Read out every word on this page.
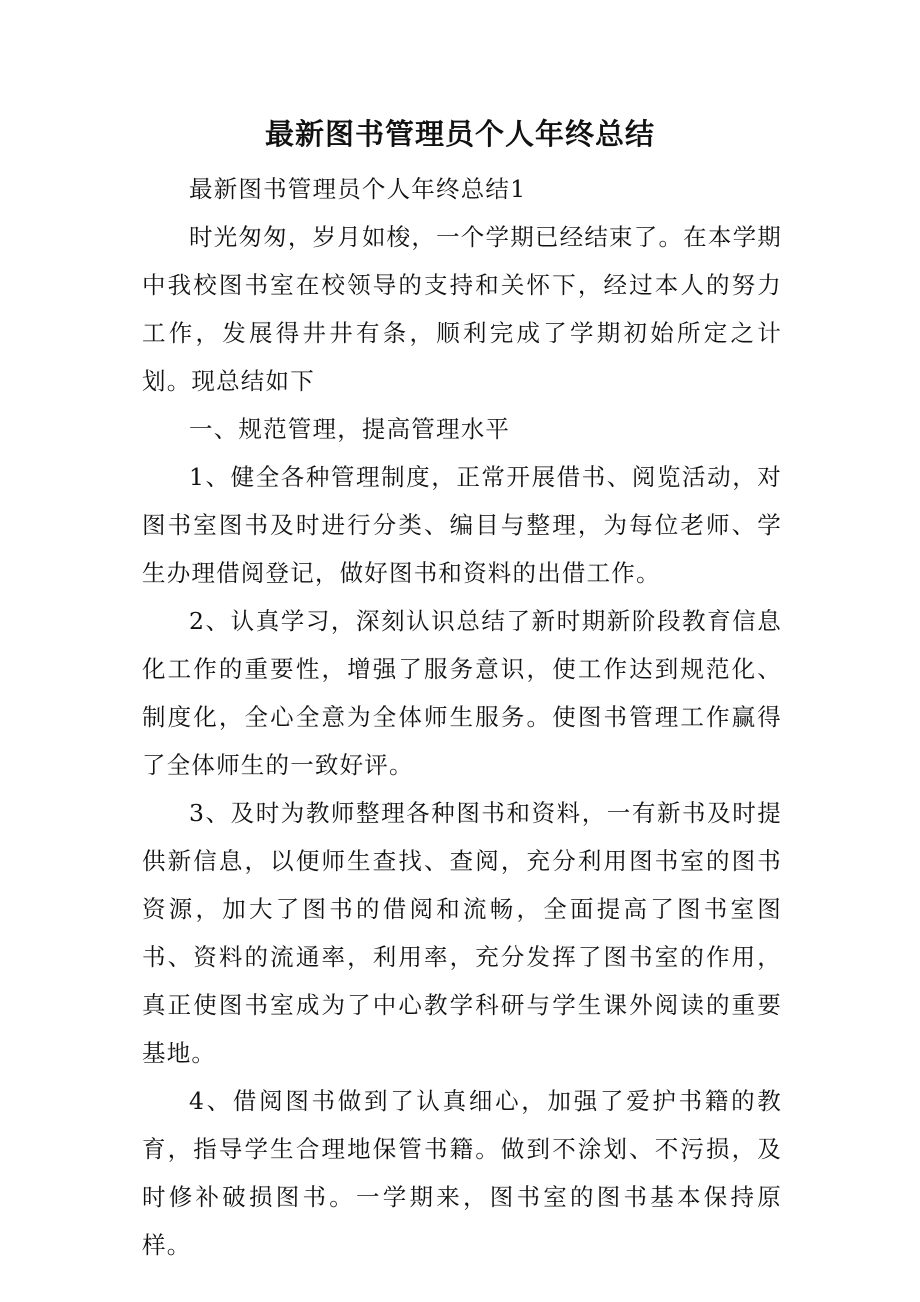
最新图书管理员个人年终总结

最新图书管理员个人年终总结1

时光匆匆，岁月如梭，一个学期已经结束了。在本学期中我校图书室在校领导的支持和关怀下，经过本人的努力工作，发展得井井有条，顺利完成了学期初始所定之计划。现总结如下

一、规范管理，提高管理水平

1、健全各种管理制度，正常开展借书、阅览活动，对图书室图书及时进行分类、编目与整理，为每位老师、学生办理借阅登记，做好图书和资料的出借工作。

2、认真学习，深刻认识总结了新时期新阶段教育信息化工作的重要性，增强了服务意识，使工作达到规范化、制度化，全心全意为全体师生服务。使图书管理工作赢得了全体师生的一致好评。

3、及时为教师整理各种图书和资料，一有新书及时提供新信息，以便师生查找、查阅，充分利用图书室的图书资源，加大了图书的借阅和流畅，全面提高了图书室图书、资料的流通率，利用率，充分发挥了图书室的作用，真正使图书室成为了中心教学科研与学生课外阅读的重要基地。

4、借阅图书做到了认真细心，加强了爱护书籍的教育，指导学生合理地保管书籍。做到不涂划、不污损，及时修补破损图书。一学期来，图书室的图书基本保持原样。
